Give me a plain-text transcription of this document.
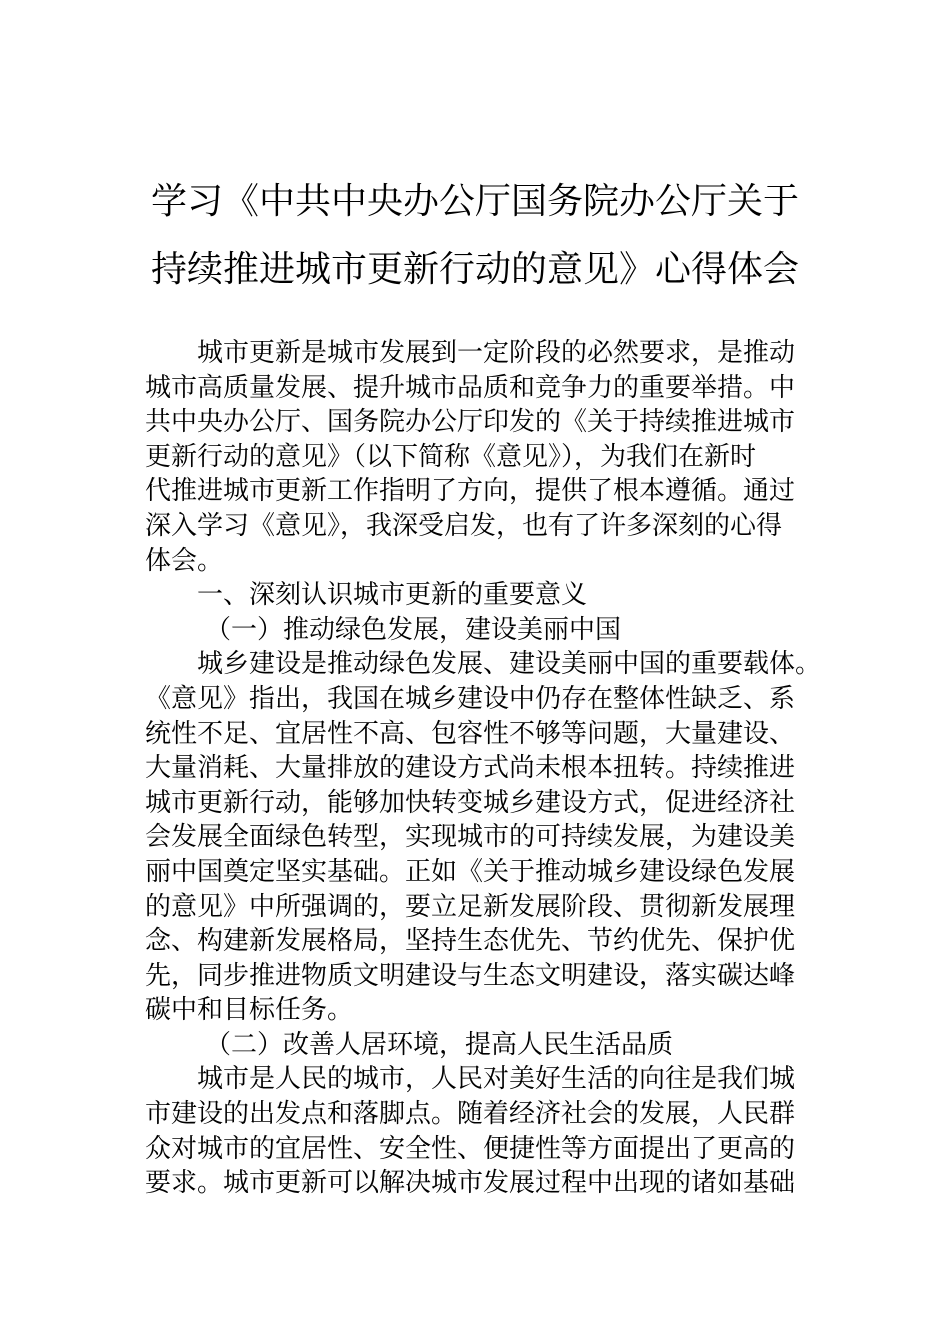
学习《中共中央办公厅国务院办公厅关于
持续推进城市更新行动的意见》心得体会
城市更新是城市发展到一定阶段的必然要求，是推动
城市高质量发展、提升城市品质和竞争力的重要举措。中
共中央办公厅、国务院办公厅印发的《关于持续推进城市
更新行动的意见》（以下简称《意见》），为我们在新时
代推进城市更新工作指明了方向，提供了根本遵循。通过
深入学习《意见》，我深受启发，也有了许多深刻的心得
体会。
一、深刻认识城市更新的重要意义
（一）推动绿色发展，建设美丽中国
城乡建设是推动绿色发展、建设美丽中国的重要载体。
《意见》指出，我国在城乡建设中仍存在整体性缺乏、系
统性不足、宜居性不高、包容性不够等问题，大量建设、
大量消耗、大量排放的建设方式尚未根本扭转。持续推进
城市更新行动，能够加快转变城乡建设方式，促进经济社
会发展全面绿色转型，实现城市的可持续发展，为建设美
丽中国奠定坚实基础。正如《关于推动城乡建设绿色发展
的意见》中所强调的，要立足新发展阶段、贯彻新发展理
念、构建新发展格局，坚持生态优先、节约优先、保护优
先，同步推进物质文明建设与生态文明建设，落实碳达峰
碳中和目标任务。
（二）改善人居环境，提高人民生活品质
城市是人民的城市，人民对美好生活的向往是我们城
市建设的出发点和落脚点。随着经济社会的发展，人民群
众对城市的宜居性、安全性、便捷性等方面提出了更高的
要求。城市更新可以解决城市发展过程中出现的诸如基础
